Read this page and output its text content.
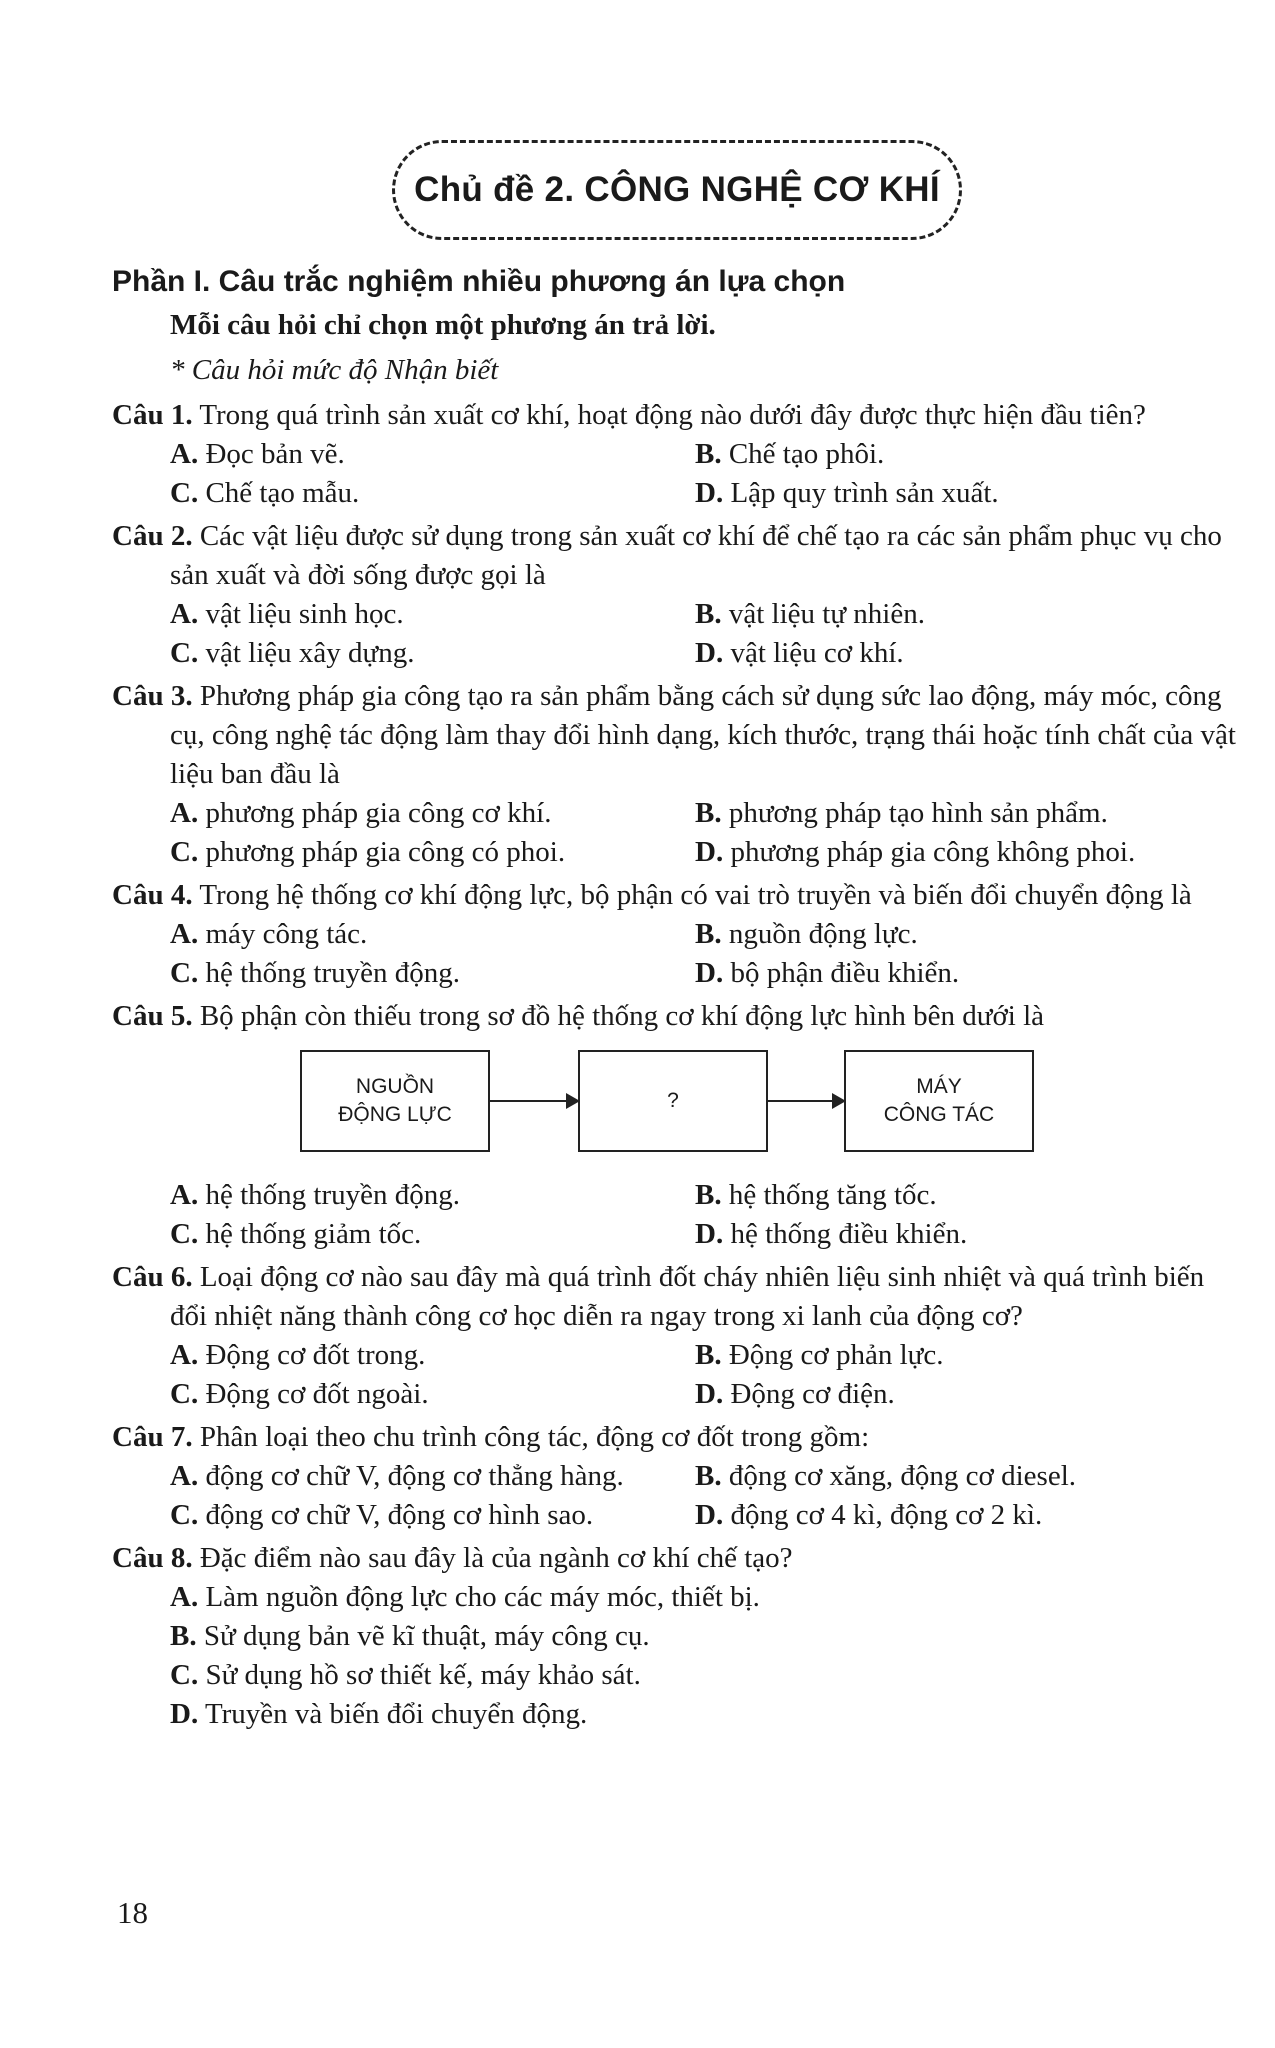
Chủ đề 2. CÔNG NGHỆ CƠ KHÍ
Phần I. Câu trắc nghiệm nhiều phương án lựa chọn
Mỗi câu hỏi chỉ chọn một phương án trả lời.
* Câu hỏi mức độ Nhận biết
Câu 1. Trong quá trình sản xuất cơ khí, hoạt động nào dưới đây được thực hiện đầu tiên?
A. Đọc bản vẽ.	B. Chế tạo phôi.
C. Chế tạo mẫu.	D. Lập quy trình sản xuất.
Câu 2. Các vật liệu được sử dụng trong sản xuất cơ khí để chế tạo ra các sản phẩm phục vụ cho sản xuất và đời sống được gọi là
A. vật liệu sinh học.	B. vật liệu tự nhiên.
C. vật liệu xây dựng.	D. vật liệu cơ khí.
Câu 3. Phương pháp gia công tạo ra sản phẩm bằng cách sử dụng sức lao động, máy móc, công cụ, công nghệ tác động làm thay đổi hình dạng, kích thước, trạng thái hoặc tính chất của vật liệu ban đầu là
A. phương pháp gia công cơ khí.	B. phương pháp tạo hình sản phẩm.
C. phương pháp gia công có phoi.	D. phương pháp gia công không phoi.
Câu 4. Trong hệ thống cơ khí động lực, bộ phận có vai trò truyền và biến đổi chuyển động là
A. máy công tác.	B. nguồn động lực.
C. hệ thống truyền động.	D. bộ phận điều khiển.
Câu 5. Bộ phận còn thiếu trong sơ đồ hệ thống cơ khí động lực hình bên dưới là
NGUỒN
ĐỘNG LỰC
?
MÁY
CÔNG TÁC
A. hệ thống truyền động.	B. hệ thống tăng tốc.
C. hệ thống giảm tốc.	D. hệ thống điều khiển.
Câu 6. Loại động cơ nào sau đây mà quá trình đốt cháy nhiên liệu sinh nhiệt và quá trình biến đổi nhiệt năng thành công cơ học diễn ra ngay trong xi lanh của động cơ?
A. Động cơ đốt trong.	B. Động cơ phản lực.
C. Động cơ đốt ngoài.	D. Động cơ điện.
Câu 7. Phân loại theo chu trình công tác, động cơ đốt trong gồm:
A. động cơ chữ V, động cơ thẳng hàng.	B. động cơ xăng, động cơ diesel.
C. động cơ chữ V, động cơ hình sao.	D. động cơ 4 kì, động cơ 2 kì.
Câu 8. Đặc điểm nào sau đây là của ngành cơ khí chế tạo?
A. Làm nguồn động lực cho các máy móc, thiết bị.
B. Sử dụng bản vẽ kĩ thuật, máy công cụ.
C. Sử dụng hồ sơ thiết kế, máy khảo sát.
D. Truyền và biến đổi chuyển động.
18
